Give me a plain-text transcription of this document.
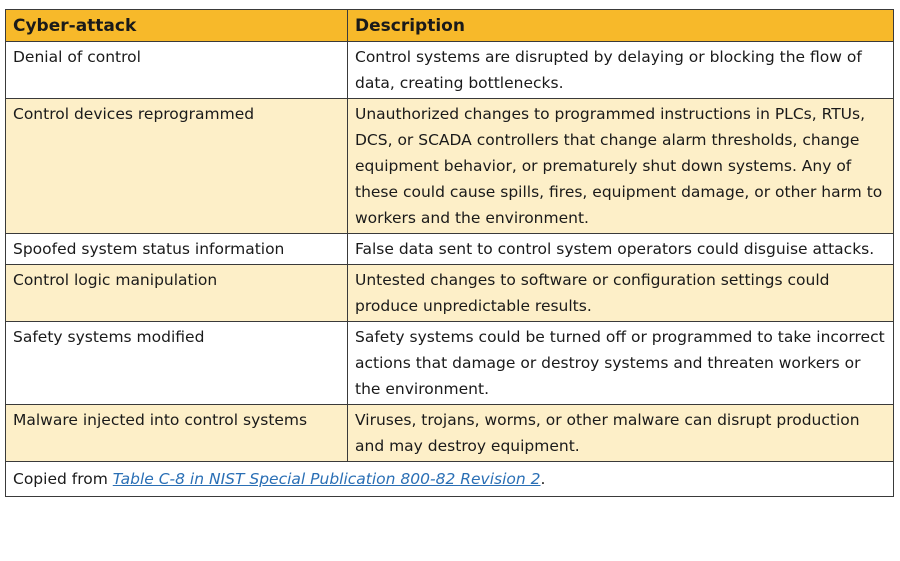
Cyber-attack	Description
Denial of control	Control systems are disrupted by delaying or blocking the flow of data, creating bottlenecks.
Control devices reprogrammed	Unauthorized changes to programmed instructions in PLCs, RTUs, DCS, or SCADA controllers that change alarm thresholds, change equipment behavior, or prematurely shut down systems. Any of these could cause spills, fires, equipment damage, or other harm to workers and the environment.
Spoofed system status information	False data sent to control system operators could disguise attacks.
Control logic manipulation	Untested changes to software or configuration settings could produce unpredictable results.
Safety systems modified	Safety systems could be turned off or programmed to take incorrect actions that damage or destroy systems and threaten workers or the environment.
Malware injected into control systems	Viruses, trojans, worms, or other malware can disrupt production and may destroy equipment.
Copied from Table C-8 in NIST Special Publication 800-82 Revision 2.	
